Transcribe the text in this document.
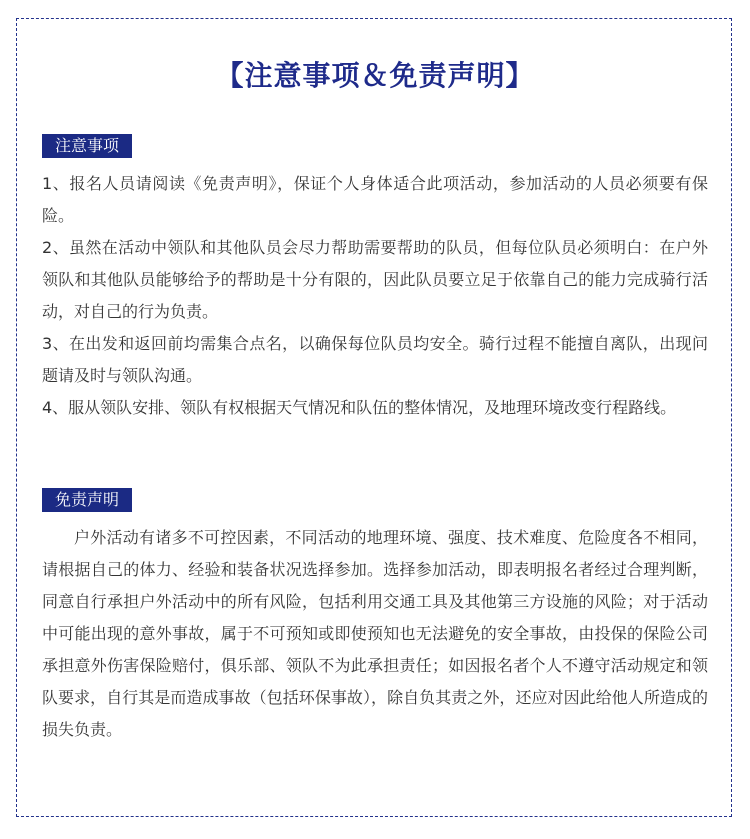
【注意事项＆免责声明】
注意事项

1、报名人员请阅读《免责声明》，保证个人身体适合此项活动，参加活动的人员必须要有保险。

2、虽然在活动中领队和其他队员会尽力帮助需要帮助的队员，但每位队员必须明白：在户外领队和其他队员能够给予的帮助是十分有限的，因此队员要立足于依靠自己的能力完成骑行活动，对自己的行为负责。

3、在出发和返回前均需集合点名，以确保每位队员均安全。骑行过程不能擅自离队，出现问题请及时与领队沟通。

4、服从领队安排、领队有权根据天气情况和队伍的整体情况，及地理环境改变行程路线。

免责声明

户外活动有诸多不可控因素，不同活动的地理环境、强度、技术难度、危险度各不相同，请根据自己的体力、经验和装备状况选择参加。选择参加活动，即表明报名者经过合理判断，同意自行承担户外活动中的所有风险，包括利用交通工具及其他第三方设施的风险；对于活动中可能出现的意外事故，属于不可预知或即使预知也无法避免的安全事故，由投保的保险公司承担意外伤害保险赔付，俱乐部、领队不为此承担责任；如因报名者个人不遵守活动规定和领队要求，自行其是而造成事故（包括环保事故），除自负其责之外，还应对因此给他人所造成的损失负责。
